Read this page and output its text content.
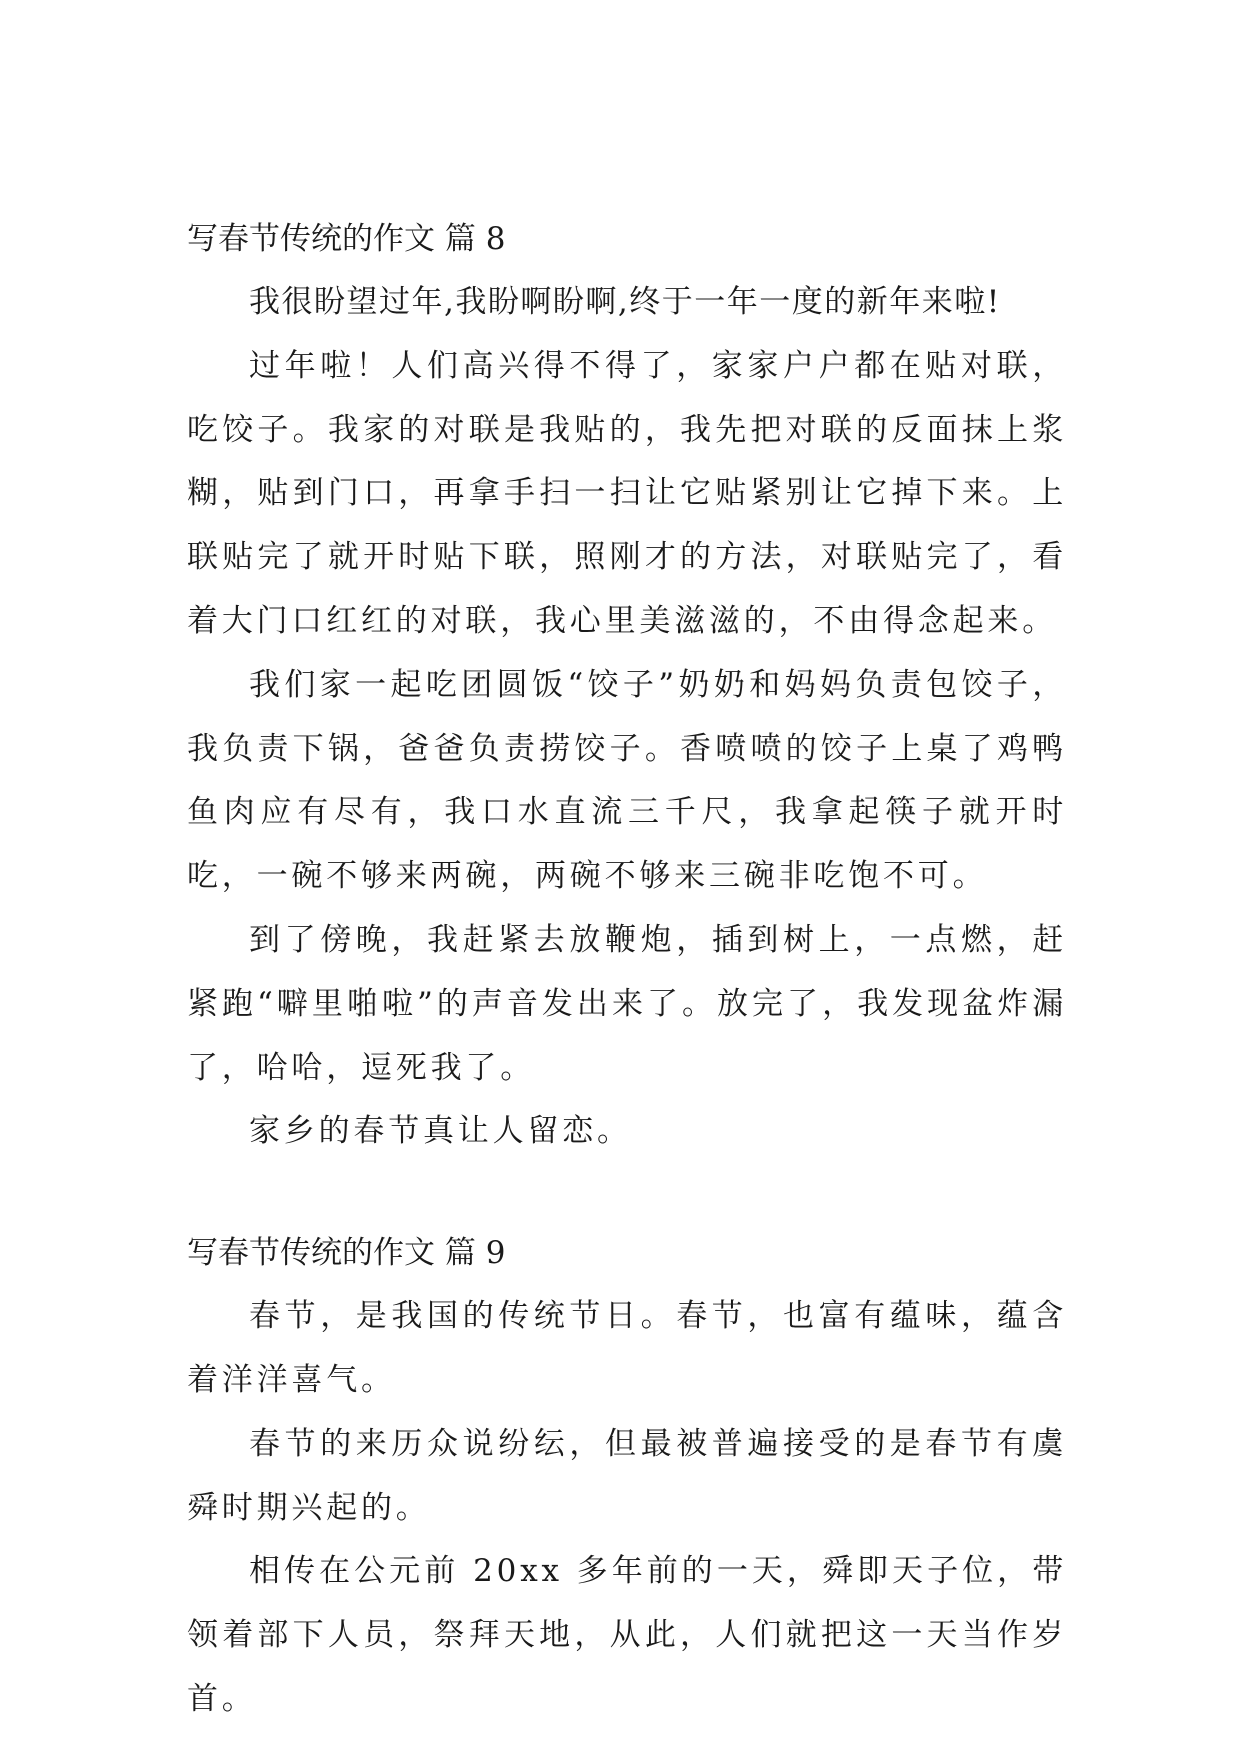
写春节传统的作文 篇 8

我很盼望过年,我盼啊盼啊,终于一年一度的新年来啦!

过年啦！人们高兴得不得了，家家户户都在贴对联，吃饺子。我家的对联是我贴的，我先把对联的反面抹上浆糊，贴到门口，再拿手扫一扫让它贴紧别让它掉下来。上联贴完了就开时贴下联，照刚才的方法，对联贴完了，看着大门口红红的对联，我心里美滋滋的，不由得念起来。

我们家一起吃团圆饭“饺子”奶奶和妈妈负责包饺子，我负责下锅，爸爸负责捞饺子。香喷喷的饺子上桌了鸡鸭鱼肉应有尽有，我口水直流三千尺，我拿起筷子就开时吃，一碗不够来两碗，两碗不够来三碗非吃饱不可。

到了傍晚，我赶紧去放鞭炮，插到树上，一点燃，赶紧跑“噼里啪啦”的声音发出来了。放完了，我发现盆炸漏了，哈哈，逗死我了。

家乡的春节真让人留恋。

写春节传统的作文 篇 9

春节，是我国的传统节日。春节，也富有蕴味，蕴含着洋洋喜气。

春节的来历众说纷纭，但最被普遍接受的是春节有虞舜时期兴起的。

相传在公元前 20xx 多年前的一天，舜即天子位，带领着部下人员，祭拜天地，从此，人们就把这一天当作岁首。
